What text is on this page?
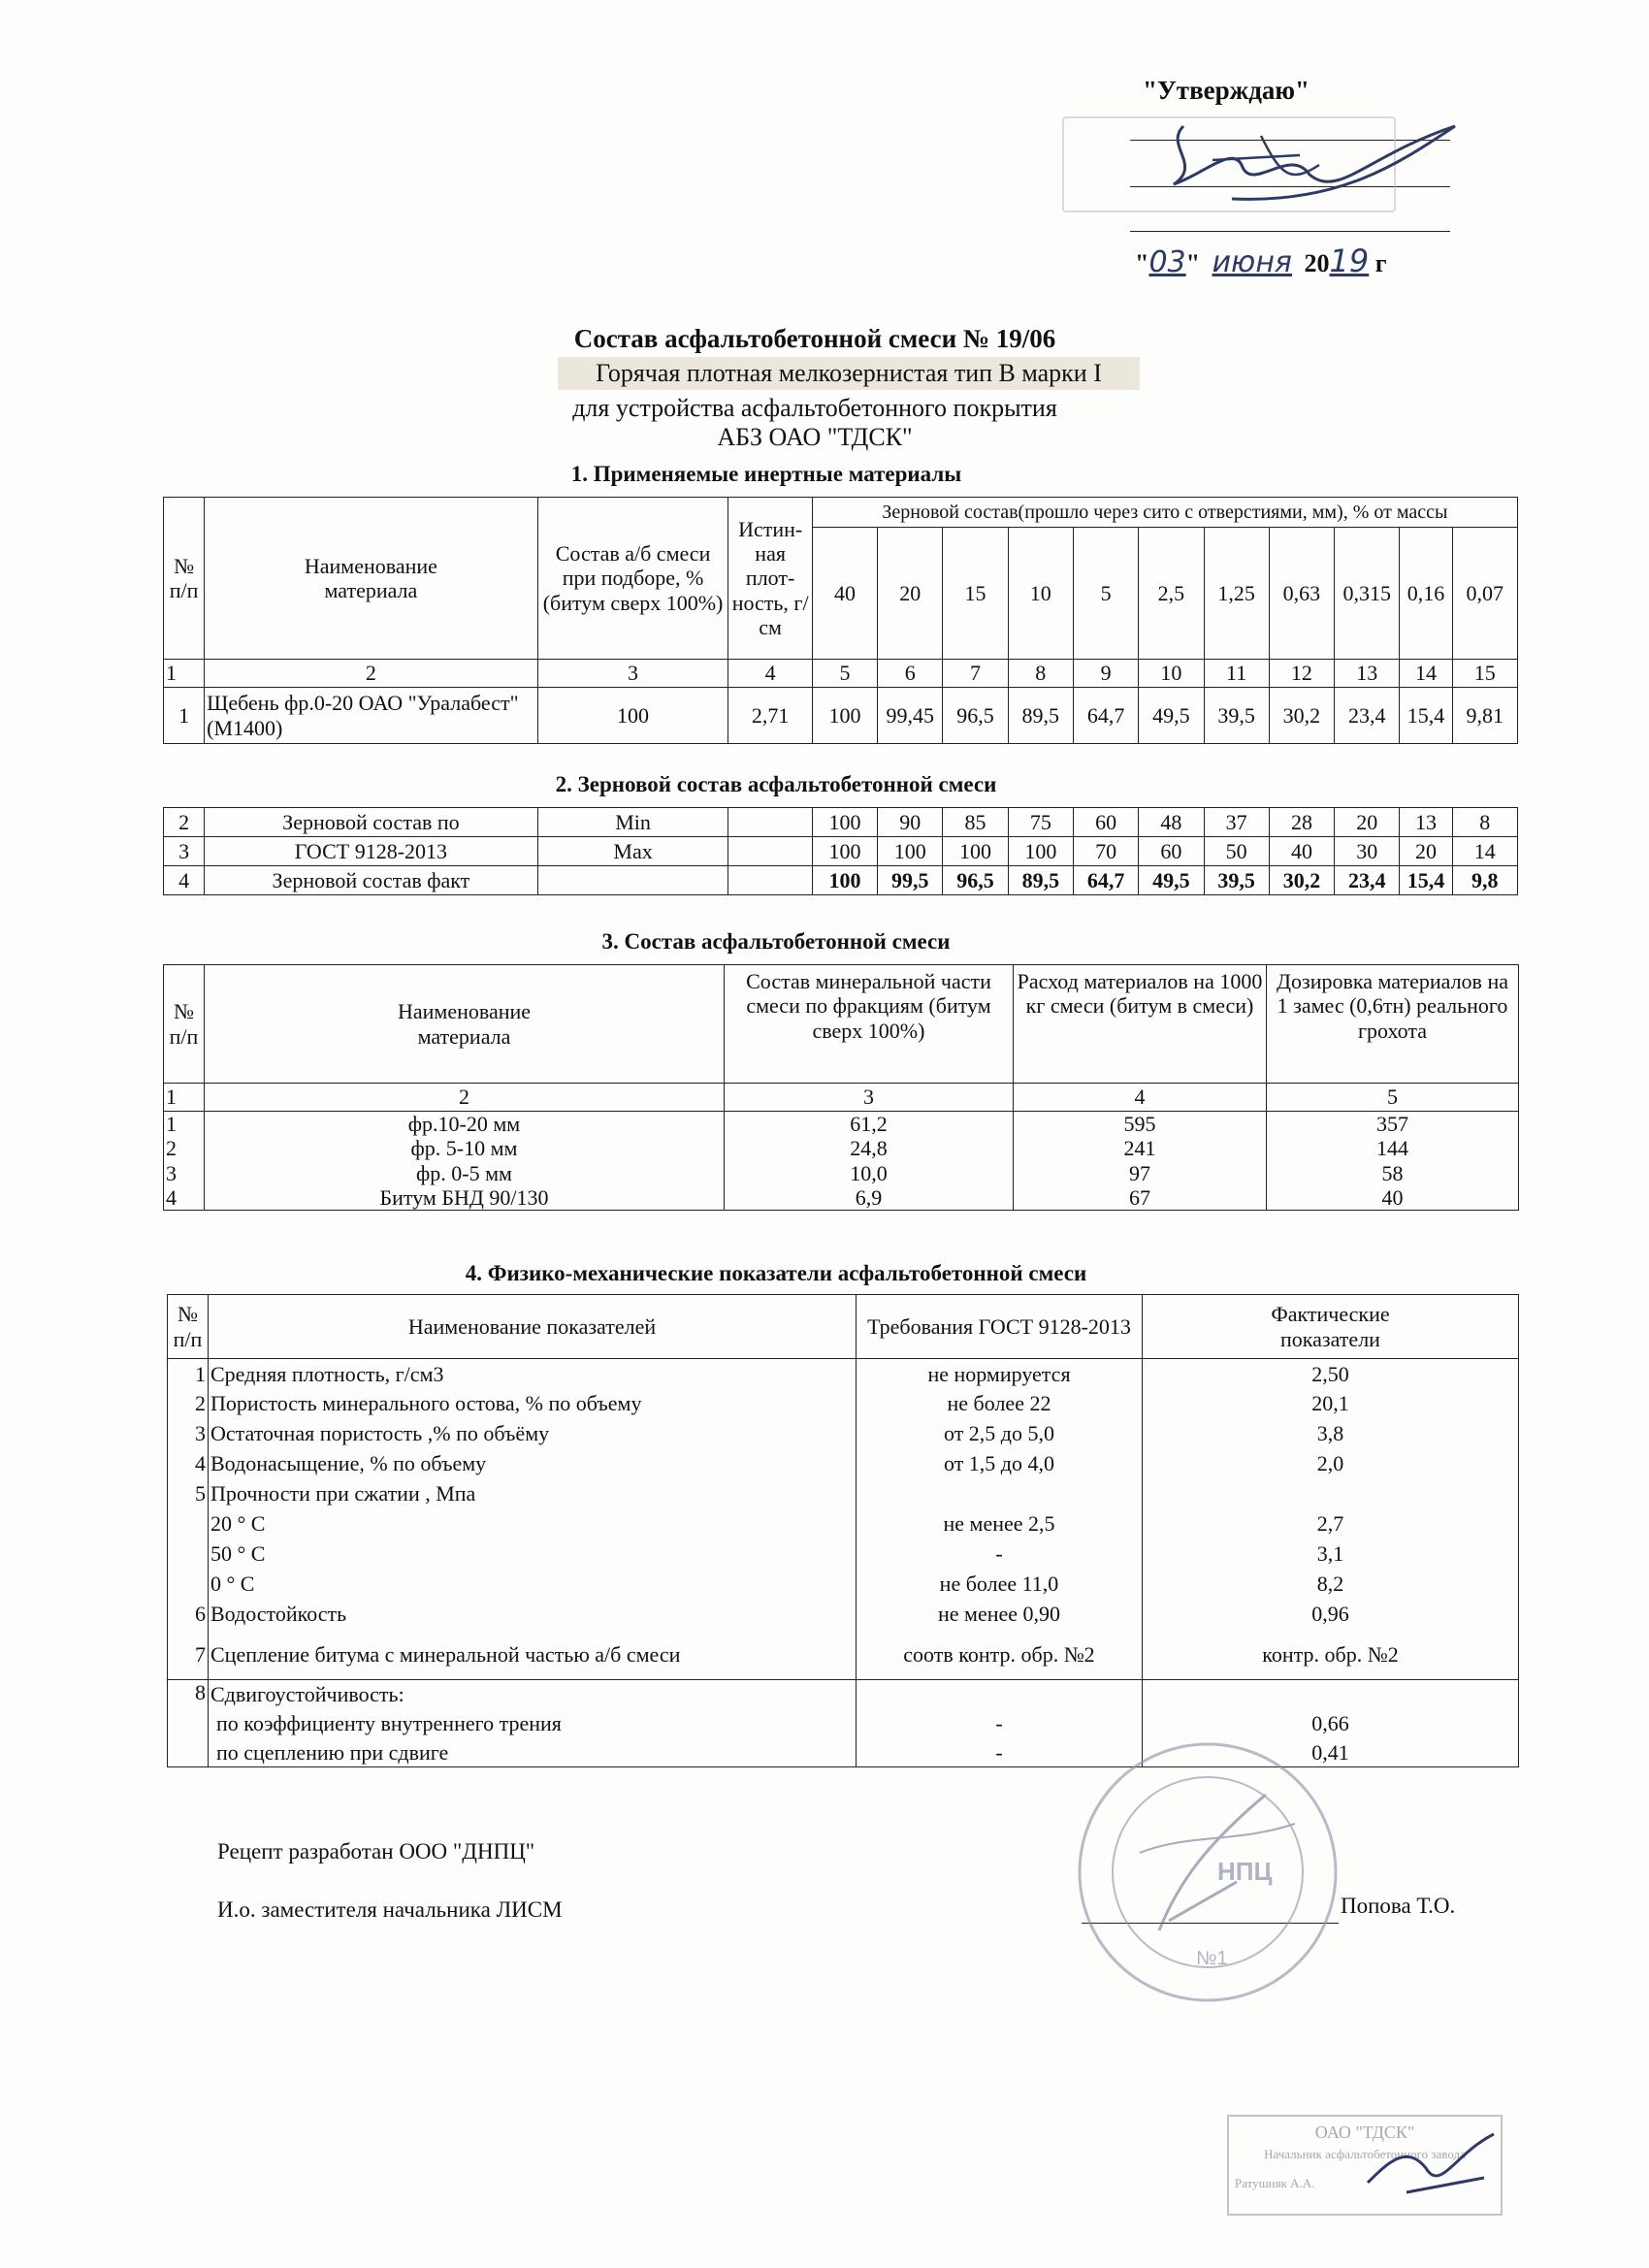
"Утверждаю"
"03" июня 2019 г
Состав асфальтобетонной смеси № 19/06
Горячая плотная мелкозернистая тип В марки I
для устройства асфальтобетонного покрытия
АБЗ ОАО "ТДСК"
1. Применяемые инертные материалы
№ п/п	Наименование материала	Состав а/б смеси при подборе, % (битум сверх 100%)	Истин-ная плот-ность, г/см	Зерновой состав(прошло через сито с отверстиями, мм), % от массы										
				40	20	15	10	5	2,5	1,25	0,63	0,315	0,16	0,07
1	2	3	4	5	6	7	8	9	10	11	12	13	14	15
1	Щебень фр.0-20 ОАО "Уралабест" (М1400)	100	2,71	100	99,45	96,5	89,5	64,7	49,5	39,5	30,2	23,4	15,4	9,81
2. Зерновой состав асфальтобетонной смеси
2	Зерновой состав по	Min		100	90	85	75	60	48	37	28	20	13	8
3	ГОСТ 9128-2013	Max		100	100	100	100	70	60	50	40	30	20	14
4	Зерновой состав факт			100	99,5	96,5	89,5	64,7	49,5	39,5	30,2	23,4	15,4	9,8
3. Состав асфальтобетонной смеси
№ п/п	Наименование материала	Состав минеральной части смеси по фракциям (битум сверх 100%)	Расход материалов на 1000 кг смеси (битум в смеси)	Дозировка материалов на 1 замес (0,6тн) реального грохота
1	2	3	4	5
1	фр.10-20 мм	61,2	595	357
2	фр. 5-10 мм	24,8	241	144
3	фр. 0-5 мм	10,0	97	58
4	Битум БНД 90/130	6,9	67	40
4. Физико-механические показатели асфальтобетонной смеси
№ п/п	Наименование показателей	Требования ГОСТ 9128-2013	Фактические показатели
1	Средняя плотность, г/см3	не нормируется	2,50
2	Пористость минерального остова, % по объему	не более 22	20,1
3	Остаточная пористость ,% по объёму	от 2,5 до 5,0	3,8
4	Водонасыщение, % по объему	от 1,5 до 4,0	2,0
5	Прочности при сжатии , Мпа		
	20 ° С	не менее 2,5	2,7
	50 ° С	-	3,1
	0 ° С	не более 11,0	8,2
6	Водостойкость	не менее 0,90	0,96
7	Сцепление битума с минеральной частью а/б смеси	соотв контр. обр. №2	контр. обр. №2
8	Сдвигоустойчивость:		
	по коэффициенту внутреннего трения	-	0,66
	по сцеплению при сдвиге	-	0,41
Рецепт разработан ООО "ДНПЦ"
И.о. заместителя начальника ЛИСМ	Попова Т.О.
НПЦ
№1
ОАО "ТДСК"
Начальник асфальтобетонного завода
Ратушняк А.А.
